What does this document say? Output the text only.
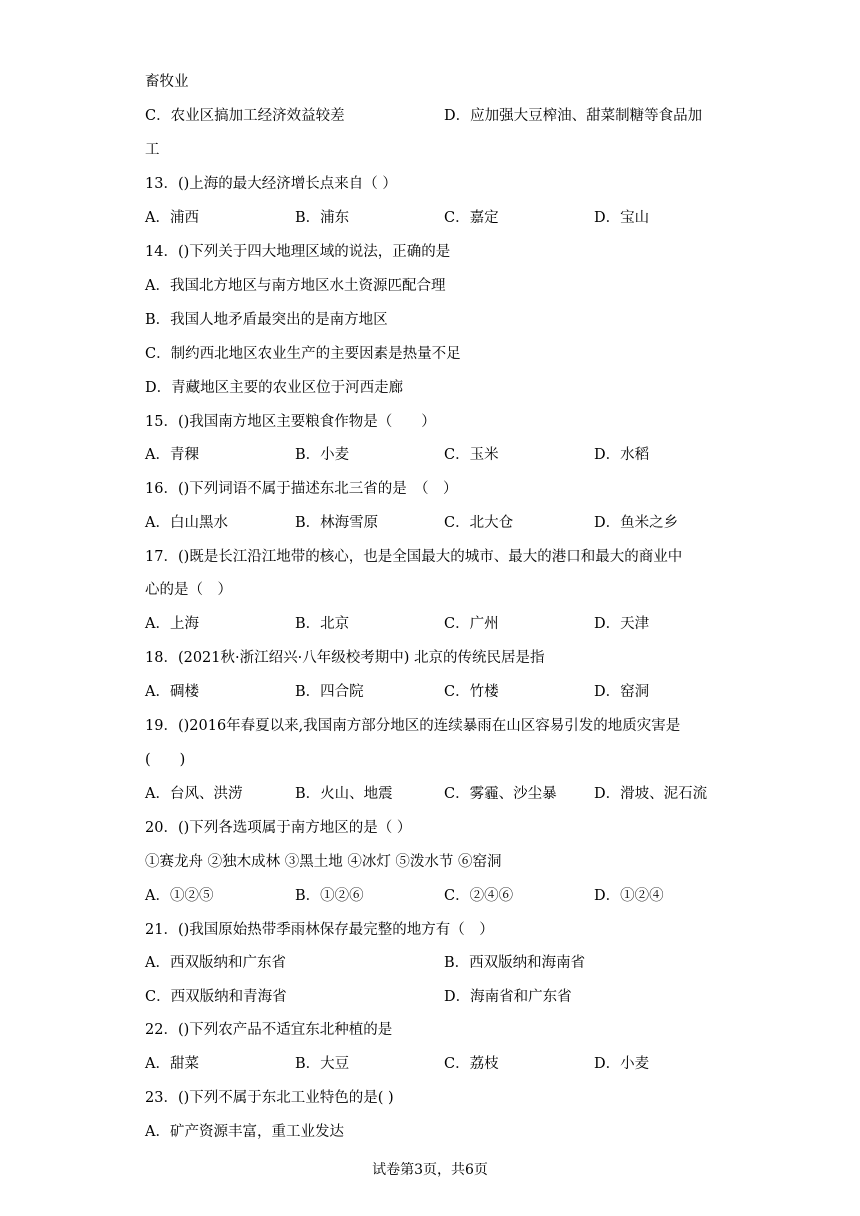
畜牧业
C．农业区搞加工经济效益较差	D．应加强大豆榨油、甜菜制糖等食品加
工
13．()上海的最大经济增长点来自（ ）
A．浦西	B．浦东	C．嘉定	D．宝山
14．()下列关于四大地理区域的说法，正确的是
A．我国北方地区与南方地区水土资源匹配合理
B．我国人地矛盾最突出的是南方地区
C．制约西北地区农业生产的主要因素是热量不足
D．青藏地区主要的农业区位于河西走廊
15．()我国南方地区主要粮食作物是（　　）
A．青稞	B．小麦	C．玉米	D．水稻
16．()下列词语不属于描述东北三省的是　（　）
A．白山黑水	B．林海雪原	C．北大仓	D．鱼米之乡
17．()既是长江沿江地带的核心，也是全国最大的城市、最大的港口和最大的商业中
心的是（　）
A．上海	B．北京	C．广州	D．天津
18．(2021秋·浙江绍兴·八年级校考期中) 北京的传统民居是指
A．碉楼	B．四合院	C．竹楼	D．窑洞
19．()2016年春夏以来,我国南方部分地区的连续暴雨在山区容易引发的地质灾害是
(　　)
A．台风、洪涝	B．火山、地震	C．雾霾、沙尘暴	D．滑坡、泥石流
20．()下列各选项属于南方地区的是（ ）
①赛龙舟 ②独木成林 ③黑土地 ④冰灯 ⑤泼水节 ⑥窑洞
A．①②⑤	B．①②⑥	C．②④⑥	D．①②④
21．()我国原始热带季雨林保存最完整的地方有（　）
A．西双版纳和广东省	B．西双版纳和海南省
C．西双版纳和青海省	D．海南省和广东省
22．()下列农产品不适宜东北种植的是
A．甜菜	B．大豆	C．荔枝	D．小麦
23．()下列不属于东北工业特色的是( )
A．矿产资源丰富，重工业发达
试卷第3页，共6页
